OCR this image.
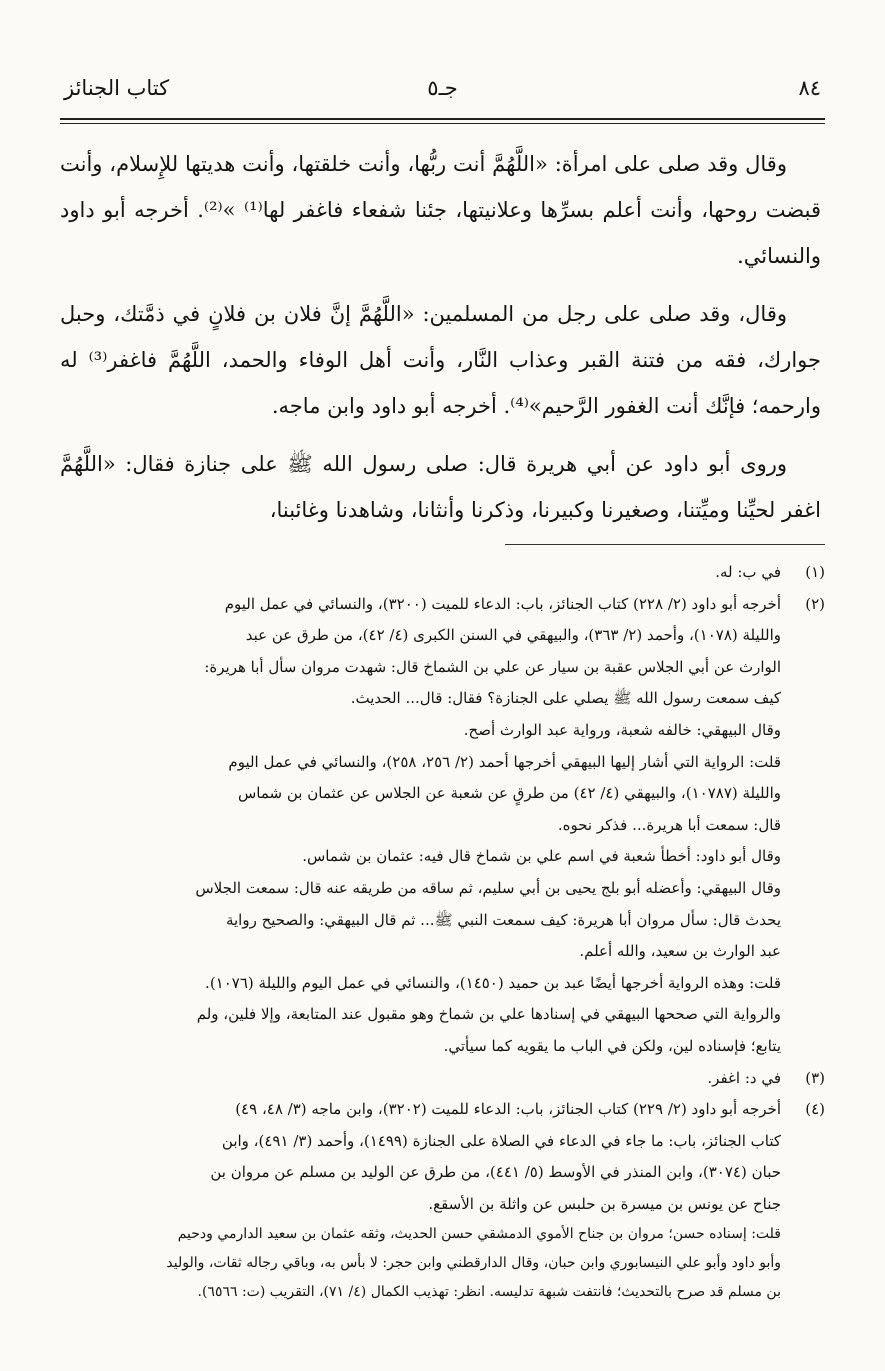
٨٤
جـ٥
كتاب الجنائز

وقال وقد صلى على امرأة: «اللَّهُمَّ أنت ربُّها، وأنت خلقتها، وأنت هديتها للإِسلام، وأنت قبضت روحها، وأنت أعلم بسرِّها وعلانيتها، جئنا شفعاء فاغفر لها⁽¹⁾ »⁽²⁾. أخرجه أبو داود والنسائي.

وقال، وقد صلى على رجل من المسلمين: «اللَّهُمَّ إنَّ فلان بن فلانٍ في ذمَّتك، وحبل جوارك، فقه من فتنة القبر وعذاب النَّار، وأنت أهل الوفاء والحمد، اللَّهُمَّ فاغفر⁽³⁾ له وارحمه؛ فإنَّك أنت الغفور الرَّحيم»⁽⁴⁾. أخرجه أبو داود وابن ماجه.

وروى أبو داود عن أبي هريرة قال: صلى رسول الله ﷺ على جنازة فقال: «اللَّهُمَّ اغفر لحيِّنا وميِّتنا، وصغيرنا وكبيرنا، وذكرنا وأنثانا، وشاهدنا وغائبنا،

(١)
في ب: له.
(٢)
أخرجه أبو داود (٢/ ٢٢٨) كتاب الجنائز، باب: الدعاء للميت (٣٢٠٠)، والنسائي في عمل اليوم
والليلة (١٠٧٨)، وأحمد (٢/ ٣٦٣)، والبيهقي في السنن الكبرى (٤/ ٤٢)، من طرق عن عبد
الوارث عن أبي الجلاس عقبة بن سيار عن علي بن الشماخ قال: شهدت مروان سأل أبا هريرة:
كيف سمعت رسول الله ﷺ يصلي على الجنازة؟ فقال: قال... الحديث.
وقال البيهقي: خالفه شعبة، ورواية عبد الوارث أصح.
قلت: الرواية التي أشار إليها البيهقي أخرجها أحمد (٢/ ٢٥٦، ٢٥٨)، والنسائي في عمل اليوم
والليلة (١٠٧٨٧)، والبيهقي (٤/ ٤٢) من طرقٍ عن شعبة عن الجلاس عن عثمان بن شماس
قال: سمعت أبا هريرة... فذكر نحوه.
وقال أبو داود: أخطأ شعبة في اسم علي بن شماخ قال فيه: عثمان بن شماس.
وقال البيهقي: وأعضله أبو بلج يحيى بن أبي سليم، ثم ساقه من طريقه عنه قال: سمعت الجلاس
يحدث قال: سأل مروان أبا هريرة: كيف سمعت النبي ﷺ... ثم قال البيهقي: والصحيح رواية
عبد الوارث بن سعيد، والله أعلم.
قلت: وهذه الرواية أخرجها أيضًا عبد بن حميد (١٤٥٠)، والنسائي في عمل اليوم والليلة (١٠٧٦).
والرواية التي صححها البيهقي في إسنادها علي بن شماخ وهو مقبول عند المتابعة، وإلا فلين، ولم
يتابع؛ فإسناده لين، ولكن في الباب ما يقويه كما سيأتي.
(٣)
في د: اغفر.
(٤)
أخرجه أبو داود (٢/ ٢٢٩) كتاب الجنائز، باب: الدعاء للميت (٣٢٠٢)، وابن ماجه (٣/ ٤٨، ٤٩)
كتاب الجنائز، باب: ما جاء في الدعاء في الصلاة على الجنازة (١٤٩٩)، وأحمد (٣/ ٤٩١)، وابن
حبان (٣٠٧٤)، وابن المنذر في الأوسط (٥/ ٤٤١)، من طرق عن الوليد بن مسلم عن مروان بن
جناح عن يونس بن ميسرة بن حلبس عن واثلة بن الأسقع.
قلت: إسناده حسن؛ مروان بن جناح الأموي الدمشقي حسن الحديث، وثقه عثمان بن سعيد الدارمي ودحيم
وأبو داود وأبو علي النيسابوري وابن حبان، وقال الدارقطني وابن حجر: لا بأس به، وباقي رجاله ثقات، والوليد
بن مسلم قد صرح بالتحديث؛ فانتفت شبهة تدليسه. انظر: تهذيب الكمال (٤/ ٧١)، التقريب (ت: ٦٥٦٦).
